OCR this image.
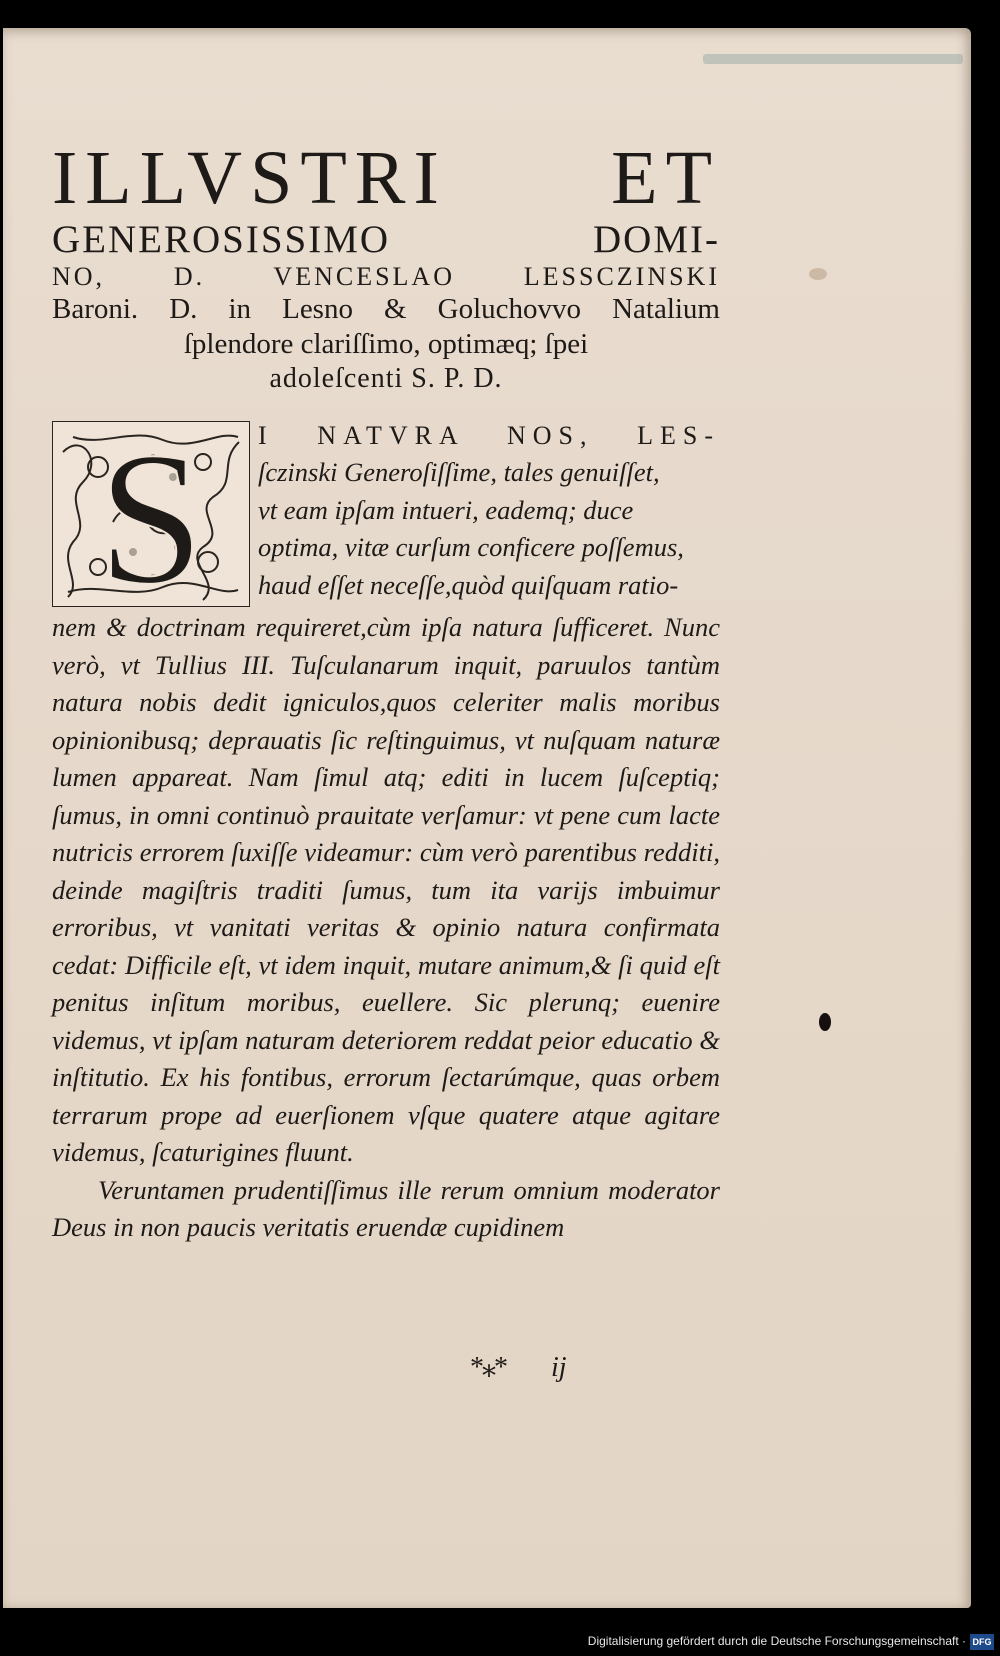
ILLVSTRI ET
GENEROSISSIMO DOMI-
NO, D. VENCESLAO LESSCZINSKI
Baroni. D. in Lesno & Goluchovvo Natalium
ſplendore clariſſimo, optimæq; ſpei
adoleſcenti S. P. D.
S	I NATVRA NOS, LES-
ſczinski Generoſiſſime, tales genuiſſet,
vt eam ipſam intueri, eademq; duce
optima, vitæ curſum conficere poſſemus,
haud eſſet neceſſe,quòd quiſquam ratio-

nem & doctrinam requireret,cùm ipſa natura ſufficeret. Nunc verò, vt Tullius III. Tuſculanarum inquit, paruulos tantùm natura nobis dedit igniculos,quos celeriter malis moribus opinionibusq; deprauatis ſic reſtinguimus, vt nuſquam naturæ lumen appareat. Nam ſimul atq; editi in lucem ſuſceptiq; ſumus, in omni continuò prauitate verſamur: vt pene cum lacte nutricis errorem ſuxiſſe videamur: cùm verò parentibus redditi, deinde magiſtris traditi ſumus, tum ita varijs imbuimur erroribus, vt vanitati veritas & opinio natura confirmata cedat: Difficile eſt, vt idem inquit, mutare animum,& ſi quid eſt penitus inſitum moribus, euellere. Sic plerunq; euenire videmus, vt ipſam naturam deteriorem reddat peior educatio & inſtitutio. Ex his fontibus, errorum ſectarúmque, quas orbem terrarum prope ad euerſionem vſque quatere atque agitare videmus, ſcaturigines fluunt.

Veruntamen prudentiſſimus ille rerum omnium moderator Deus in non paucis veritatis eruendæ cupidinem

*⁎* ij
Digitalisierung gefördert durch die Deutsche Forschungsgemeinschaft · DFG
